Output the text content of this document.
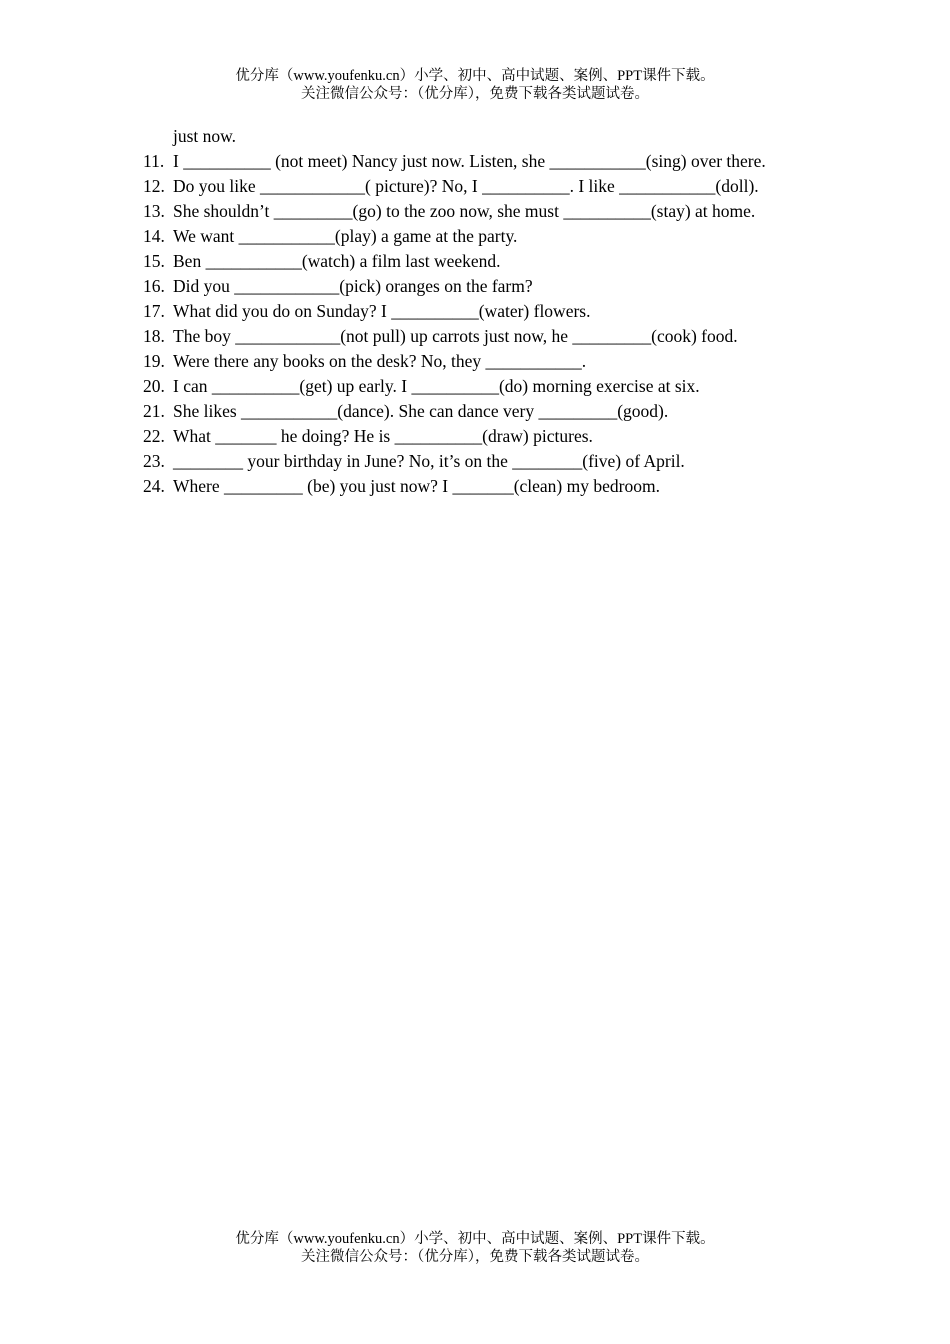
优分库（www.youfenku.cn）小学、初中、高中试题、案例、PPT课件下载。
关注微信公众号：（优分库），免费下载各类试题试卷。
just now.
11. I __________ (not meet) Nancy just now. Listen, she ___________(sing) over there.
12. Do you like ____________( picture)? No, I __________. I like ___________(doll).
13. She shouldn’t _________(go) to the zoo now, she must __________(stay) at home.
14. We want ___________(play) a game at the party.
15. Ben ___________(watch) a film last weekend.
16. Did you ____________(pick) oranges on the farm?
17. What did you do on Sunday? I __________(water) flowers.
18. The boy ____________(not pull) up carrots just now, he _________(cook) food.
19. Were there any books on the desk? No, they ___________.
20. I can __________(get) up early. I __________(do) morning exercise at six.
21. She likes ___________(dance). She can dance very _________(good).
22. What _______ he doing? He is __________(draw) pictures.
23. ________ your birthday in June? No, it’s on the ________(five) of April.
24. Where _________ (be) you just now? I _______(clean) my bedroom.
优分库（www.youfenku.cn）小学、初中、高中试题、案例、PPT课件下载。
关注微信公众号：（优分库），免费下载各类试题试卷。
